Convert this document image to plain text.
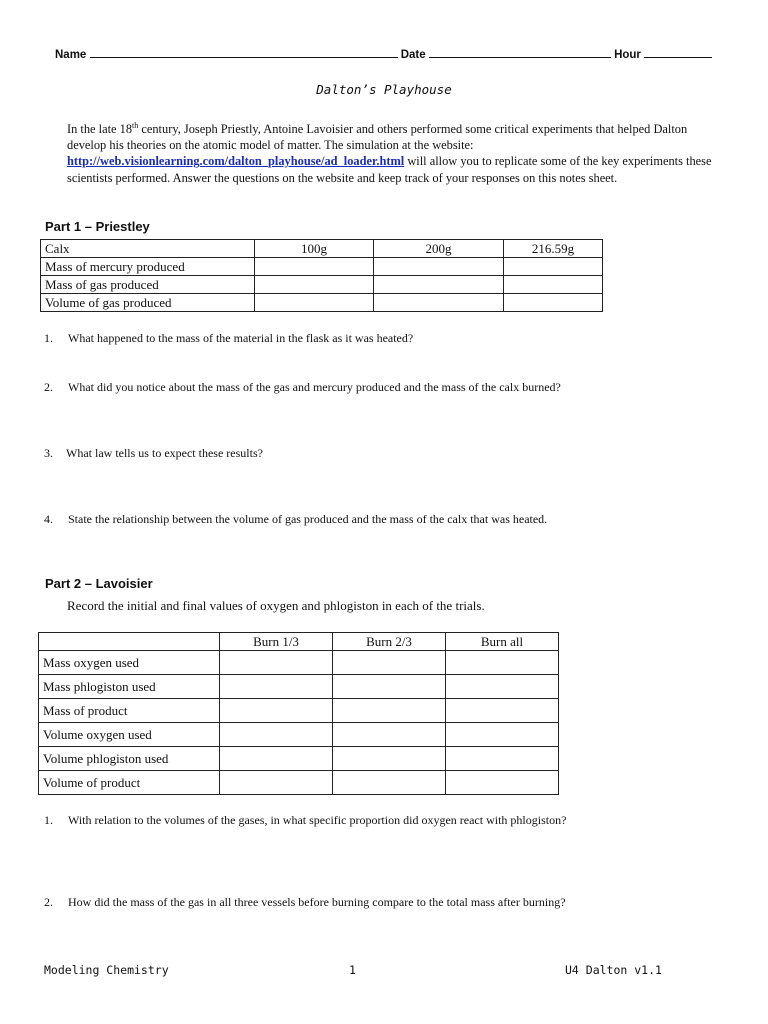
Name	Date	Hour
Dalton’s Playhouse
In the late 18th century, Joseph Priestly, Antoine Lavoisier and others performed some critical experiments that helped Dalton develop his theories on the atomic model of matter. The simulation at the website: http://web.visionlearning.com/dalton_playhouse/ad_loader.html will allow you to replicate some of the key experiments these scientists performed. Answer the questions on the website and keep track of your responses on this notes sheet.
Part 1 – Priestley
Calx	100g	200g	216.59g
Mass of mercury produced			
Mass of gas produced			
Volume of gas produced			
1. What happened to the mass of the material in the flask as it was heated?
2. What did you notice about the mass of the gas and mercury produced and the mass of the calx burned?
3. What law tells us to expect these results?
4. State the relationship between the volume of gas produced and the mass of the calx that was heated.
Part 2 – Lavoisier
Record the initial and final values of oxygen and phlogiston in each of the trials.
	Burn 1/3	Burn 2/3	Burn all
Mass oxygen used			
Mass phlogiston used			
Mass of product			
Volume oxygen used			
Volume phlogiston used			
Volume of product			
1. With relation to the volumes of the gases, in what specific proportion did oxygen react with phlogiston?
2. How did the mass of the gas in all three vessels before burning compare to the total mass after burning?
Modeling Chemistry	1	U4 Dalton v1.1
